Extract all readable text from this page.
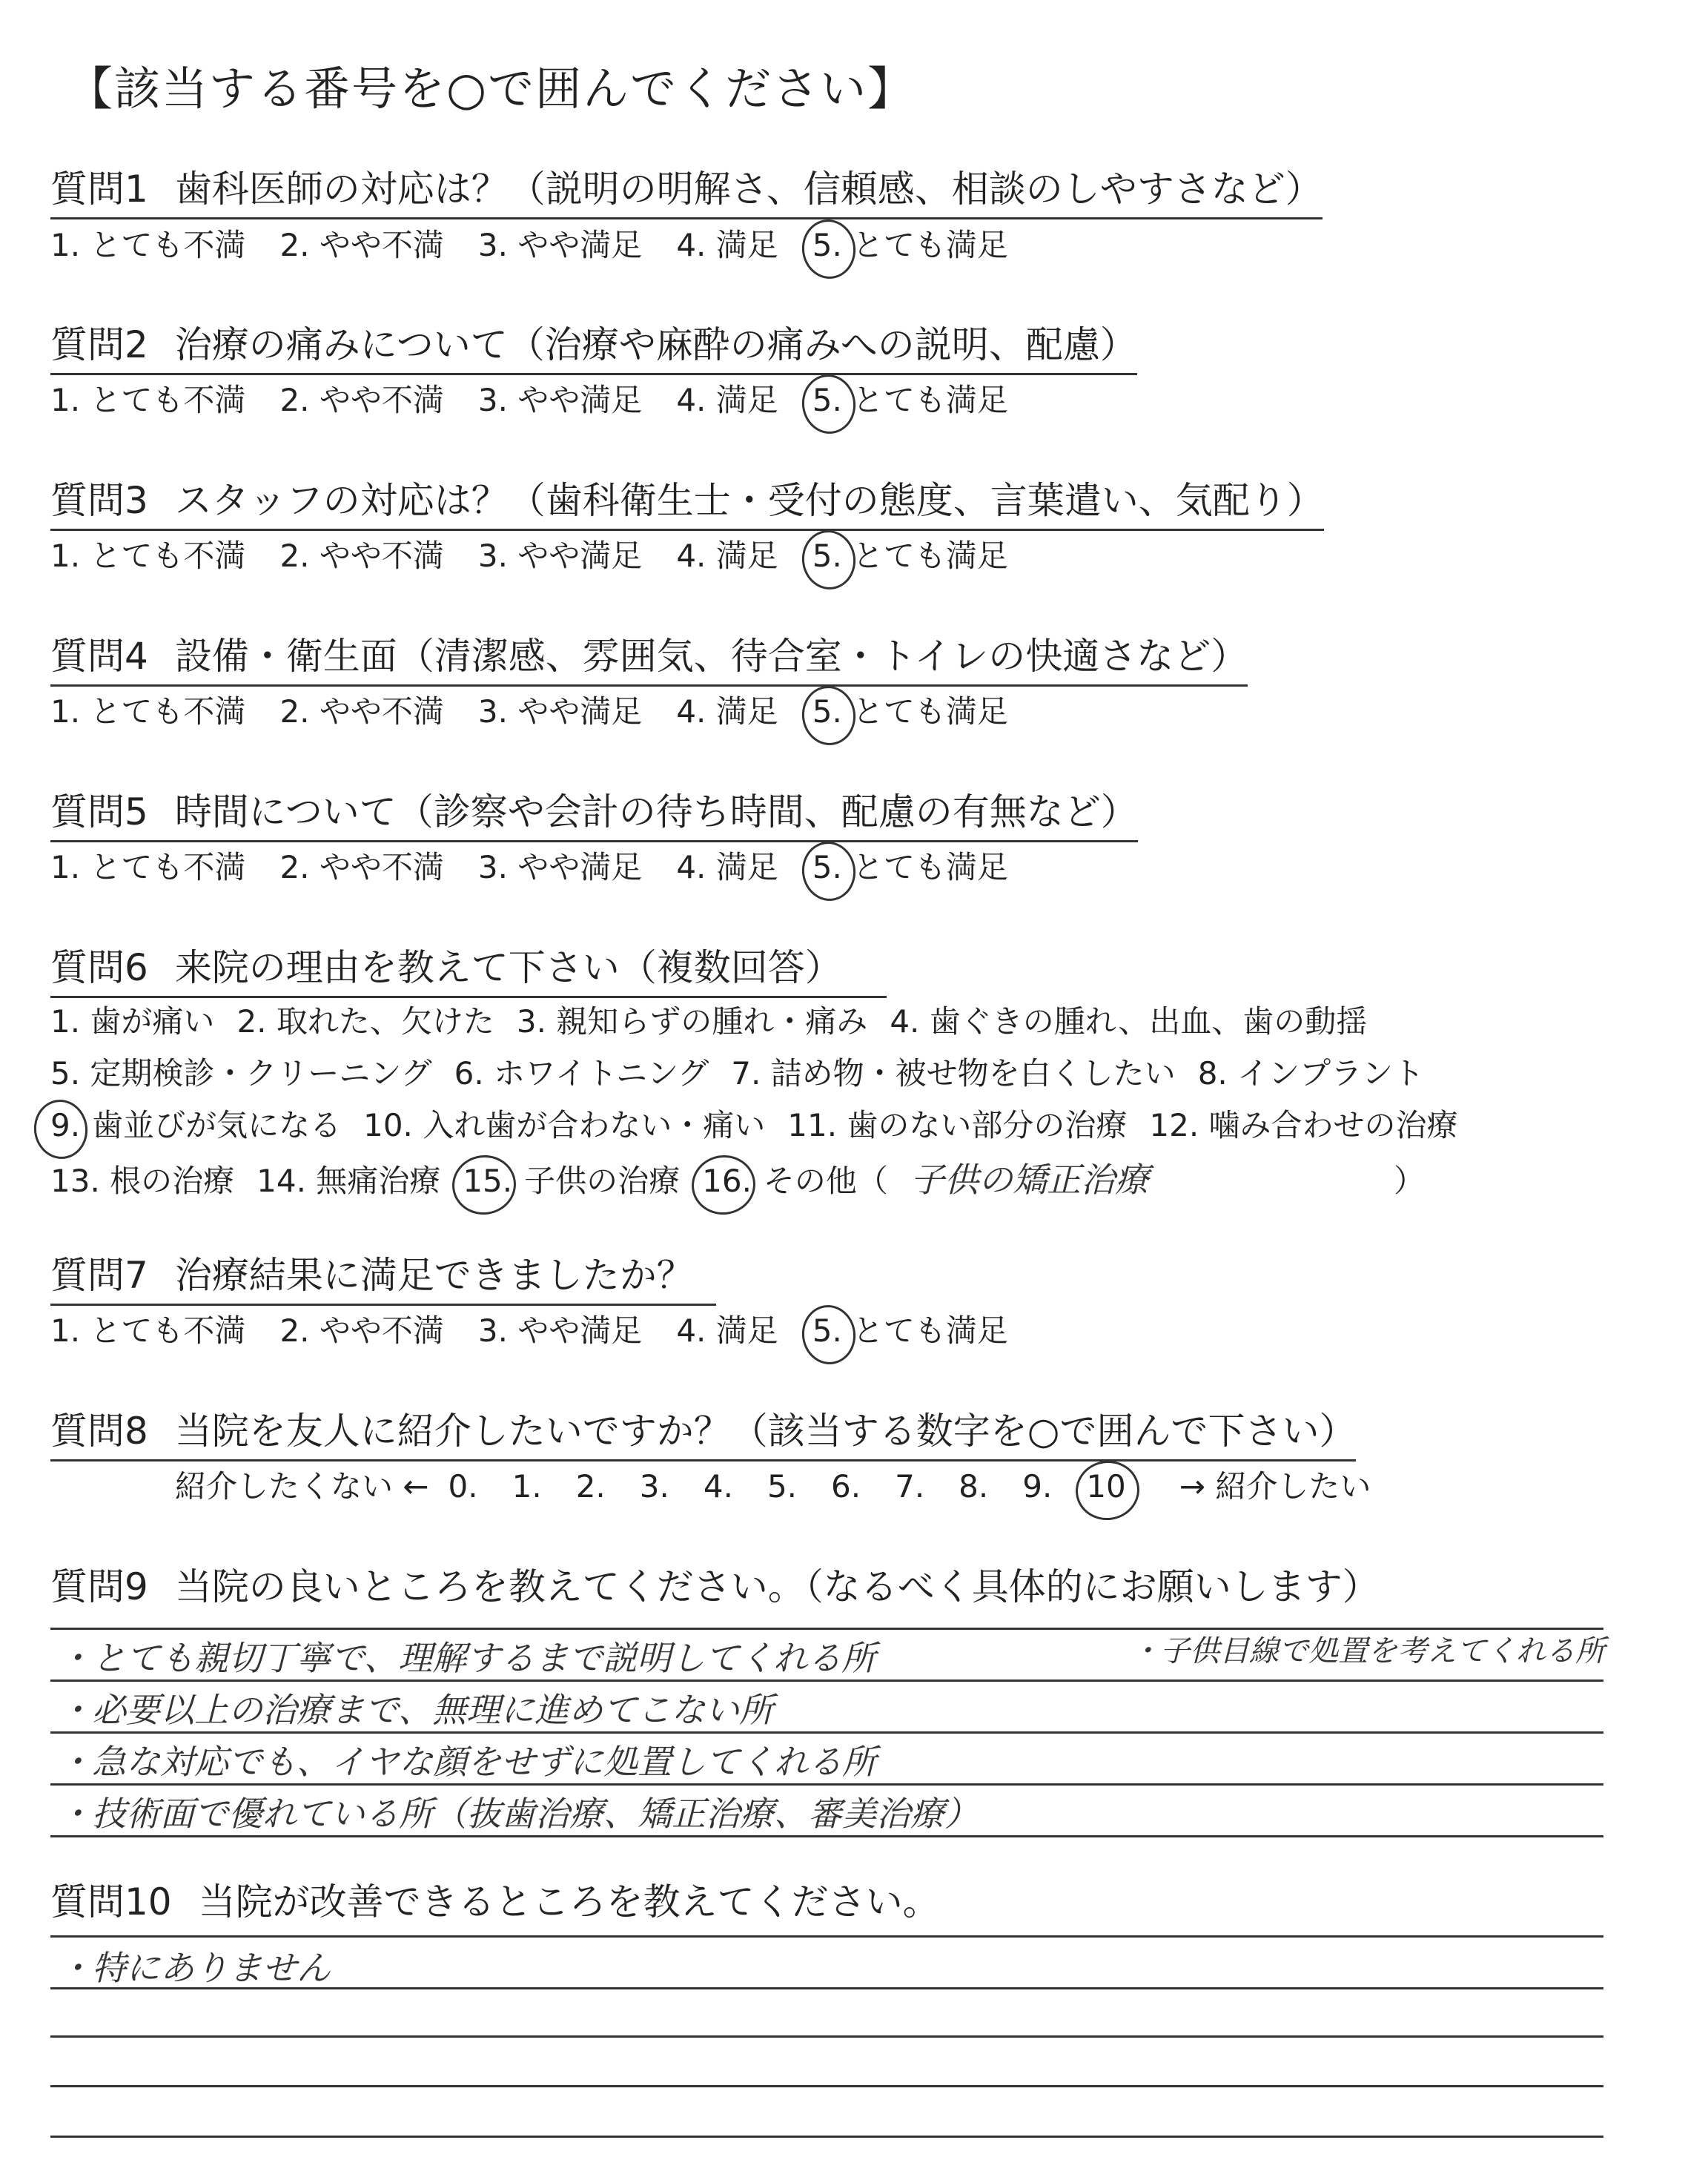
【該当する番号を○で囲んでください】
質問1 歯科医師の対応は？（説明の明解さ、信頼感、相談のしやすさなど）
1. とても不満 2. やや不満 3. やや満足 4. 満足 5. とても満足
質問2 治療の痛みについて（治療や麻酔の痛みへの説明、配慮）
1. とても不満 2. やや不満 3. やや満足 4. 満足 5. とても満足
質問3 スタッフの対応は？（歯科衛生士・受付の態度、言葉遣い、気配り）
1. とても不満 2. やや不満 3. やや満足 4. 満足 5. とても満足
質問4 設備・衛生面（清潔感、雰囲気、待合室・トイレの快適さなど）
1. とても不満 2. やや不満 3. やや満足 4. 満足 5. とても満足
質問5 時間について（診察や会計の待ち時間、配慮の有無など）
1. とても不満 2. やや不満 3. やや満足 4. 満足 5. とても満足
質問6 来院の理由を教えて下さい（複数回答）
1. 歯が痛い 2. 取れた、欠けた 3. 親知らずの腫れ・痛み 4. 歯ぐきの腫れ、出血、歯の動揺
5. 定期検診・クリーニング 6. ホワイトニング 7. 詰め物・被せ物を白くしたい 8. インプラント
9. 歯並びが気になる 10. 入れ歯が合わない・痛い 11. 歯のない部分の治療 12. 噛み合わせの治療
13. 根の治療 14. 無痛治療 15. 子供の治療 16. その他（ 子供の矯正治療	）
質問7 治療結果に満足できましたか？
1. とても不満 2. やや不満 3. やや満足 4. 満足 5. とても満足
質問8 当院を友人に紹介したいですか？（該当する数字を○で囲んで下さい）
紹介したくない ← 0. 1. 2. 3. 4. 5. 6. 7. 8. 9. 10 → 紹介したい
質問9 当院の良いところを教えてください。（なるべく具体的にお願いします）
・とても親切丁寧で、理解するまで説明してくれる所	・子供目線で処置を考えてくれる所
・必要以上の治療まで、無理に進めてこない所
・急な対応でも、イヤな顔をせずに処置してくれる所
・技術面で優れている所（抜歯治療、矯正治療、審美治療）
質問10 当院が改善できるところを教えてください。
・特にありません
